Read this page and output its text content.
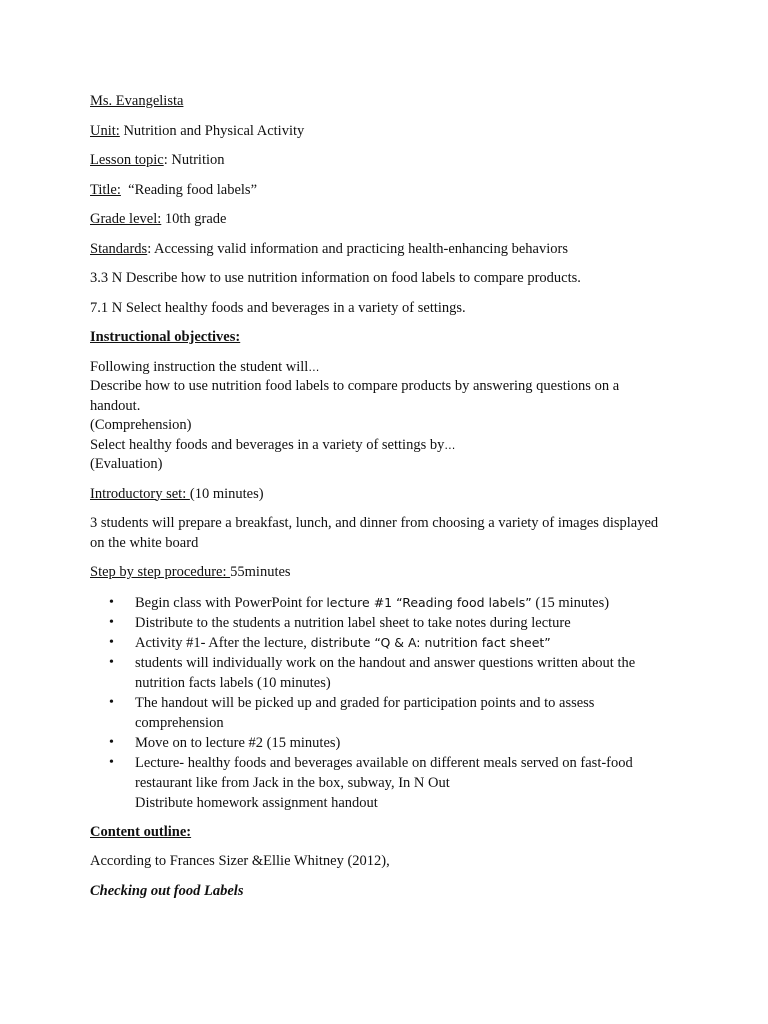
Ms. Evangelista

Unit: Nutrition and Physical Activity

Lesson topic: Nutrition

Title:  “Reading food labels”

Grade level: 10th grade

Standards: Accessing valid information and practicing health-enhancing behaviors

3.3 N Describe how to use nutrition information on food labels to compare products.

7.1 N Select healthy foods and beverages in a variety of settings.

Instructional objectives:

Following instruction the student will…

Describe how to use nutrition food labels to compare products by answering questions on a handout.

(Comprehension)

Select healthy foods and beverages in a variety of settings by…

(Evaluation)

Introductory set: (10 minutes)

3 students will prepare a breakfast, lunch, and dinner from choosing a variety of images displayed on the white board

Step by step procedure: 55minutes

• Begin class with PowerPoint for lecture #1 “Reading food labels” (15 minutes)
• Distribute to the students a nutrition label sheet to take notes during lecture
• Activity #1- After the lecture, distribute “Q & A: nutrition fact sheet”
• students will individually work on the handout and answer questions written about the nutrition facts labels (10 minutes)
• The handout will be picked up and graded for participation points and to assess comprehension
• Move on to lecture #2 (15 minutes)
• Lecture- healthy foods and beverages available on different meals served on fast-food restaurant like from Jack in the box, subway, In N Out

Distribute homework assignment handout

Content outline:

According to Frances Sizer &Ellie Whitney (2012),

Checking out food Labels
